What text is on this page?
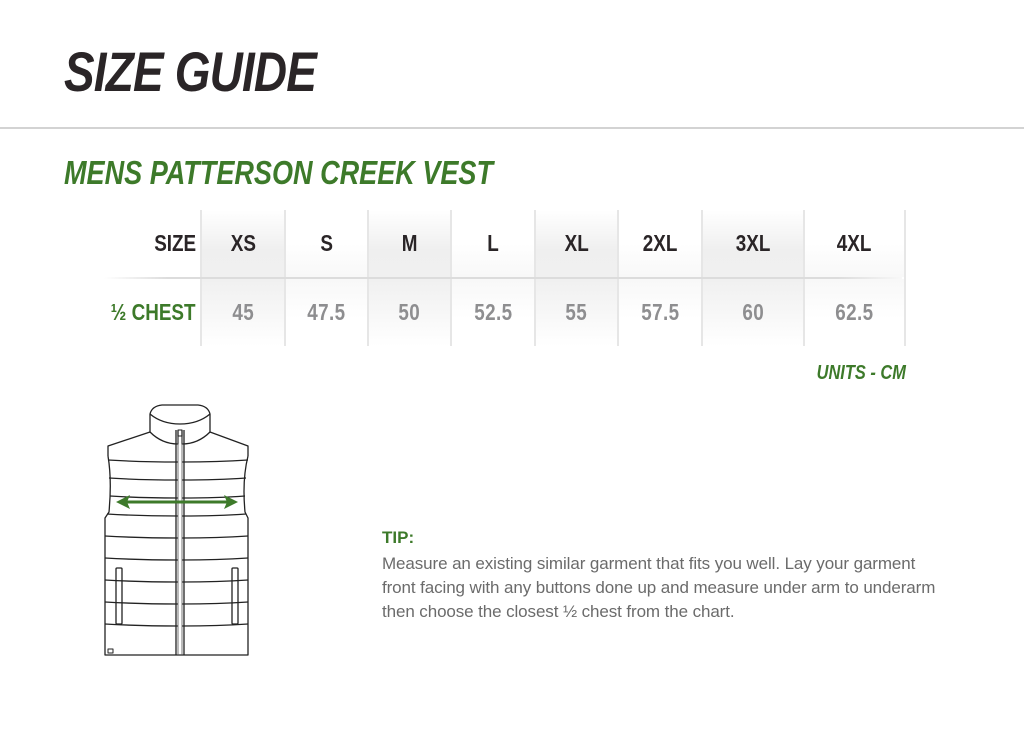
SIZE GUIDE
MENS PATTERSON CREEK VEST
SIZE
½ CHEST
XS
45
S
47.5
M
50
L
52.5
XL
55
2XL
57.5
3XL
60
4XL
62.5
UNITS - CM
TIP:
Measure an existing similar garment that fits you well. Lay your garment front facing with any buttons done up and measure under arm to underarm then choose the closest ½ chest from the chart.
